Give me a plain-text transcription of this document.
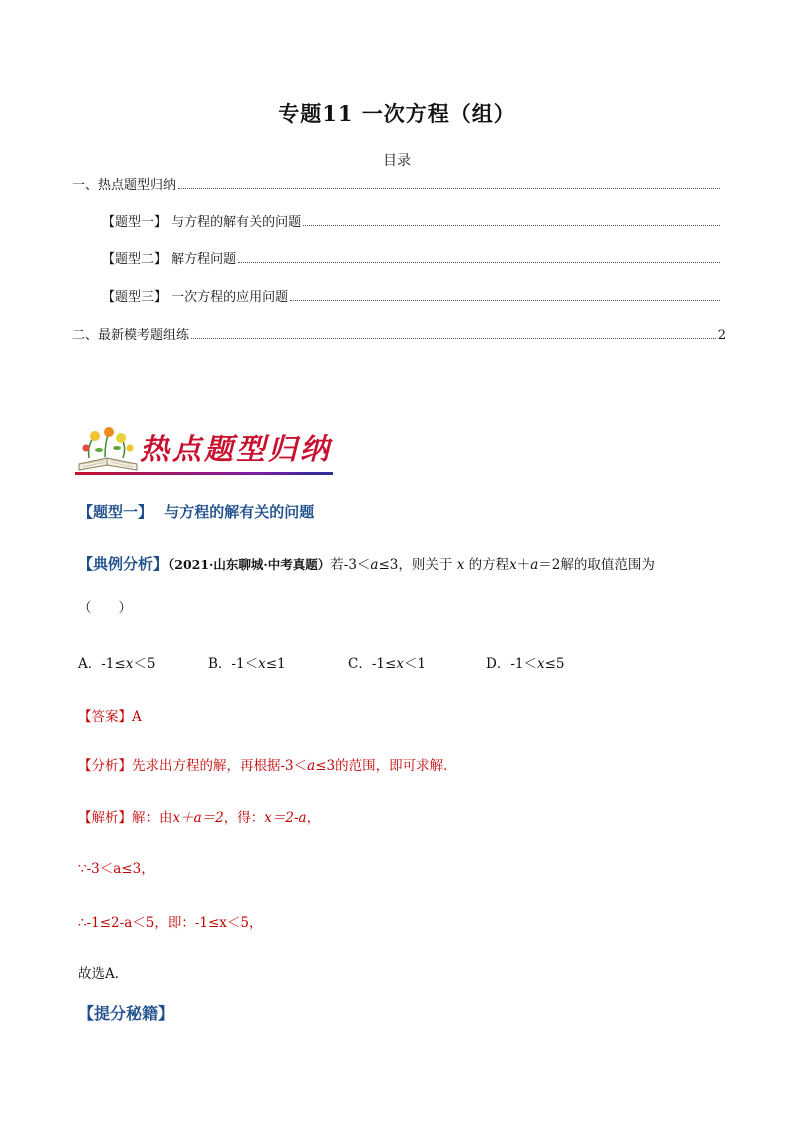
专题11 一次方程（组）
目录
一、热点题型归纳
【题型一】 与方程的解有关的问题
【题型二】 解方程问题
【题型三】 一次方程的应用问题
二、最新模考题组练	2
热点题型归纳
【题型一】 与方程的解有关的问题
【典例分析】（2021·山东聊城·中考真题）若-3＜a≤3，则关于 x 的方程x＋a＝2解的取值范围为
（　　）
A．-1≤x＜5	B．-1＜x≤1	C．-1≤x＜1	D．-1＜x≤5
【答案】A
【分析】先求出方程的解，再根据-3＜a≤3的范围，即可求解．
【解析】解：由x＋a＝2，得：x＝2-a，
∵-3＜a≤3，
∴-1≤2-a＜5，即：-1≤x＜5，
故选A．
【提分秘籍】
